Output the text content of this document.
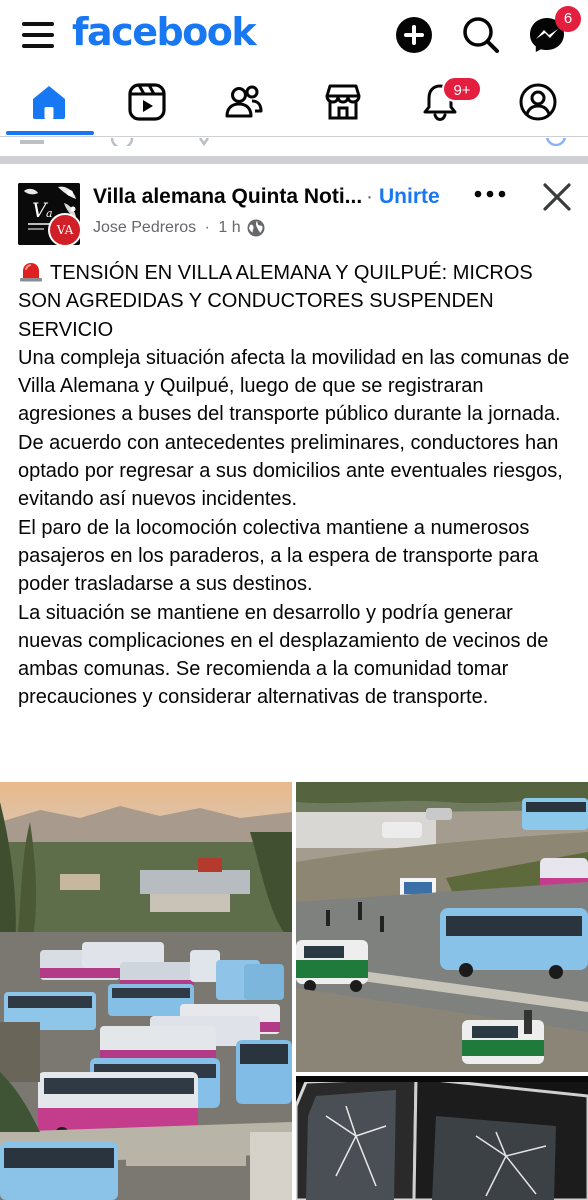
facebook	6
9+
V a
VA
Villa alemana Quinta Noti... · Unirte
Jose Pedreros · 1 h

TENSIÓN EN VILLA ALEMANA Y QUILPUÉ: MICROS SON AGREDIDAS Y CONDUCTORES SUSPENDEN SERVICIO

Una compleja situación afecta la movilidad en las comunas de Villa Alemana y Quilpué, luego de que se registraran agresiones a buses del transporte público durante la jornada.

De acuerdo con antecedentes preliminares, conductores han optado por regresar a sus domicilios ante eventuales riesgos, evitando así nuevos incidentes.

El paro de la locomoción colectiva mantiene a numerosos pasajeros en los paraderos, a la espera de transporte para poder trasladarse a sus destinos.

La situación se mantiene en desarrollo y podría generar nuevas complicaciones en el desplazamiento de vecinos de ambas comunas. Se recomienda a la comunidad tomar precauciones y considerar alternativas de transporte.
